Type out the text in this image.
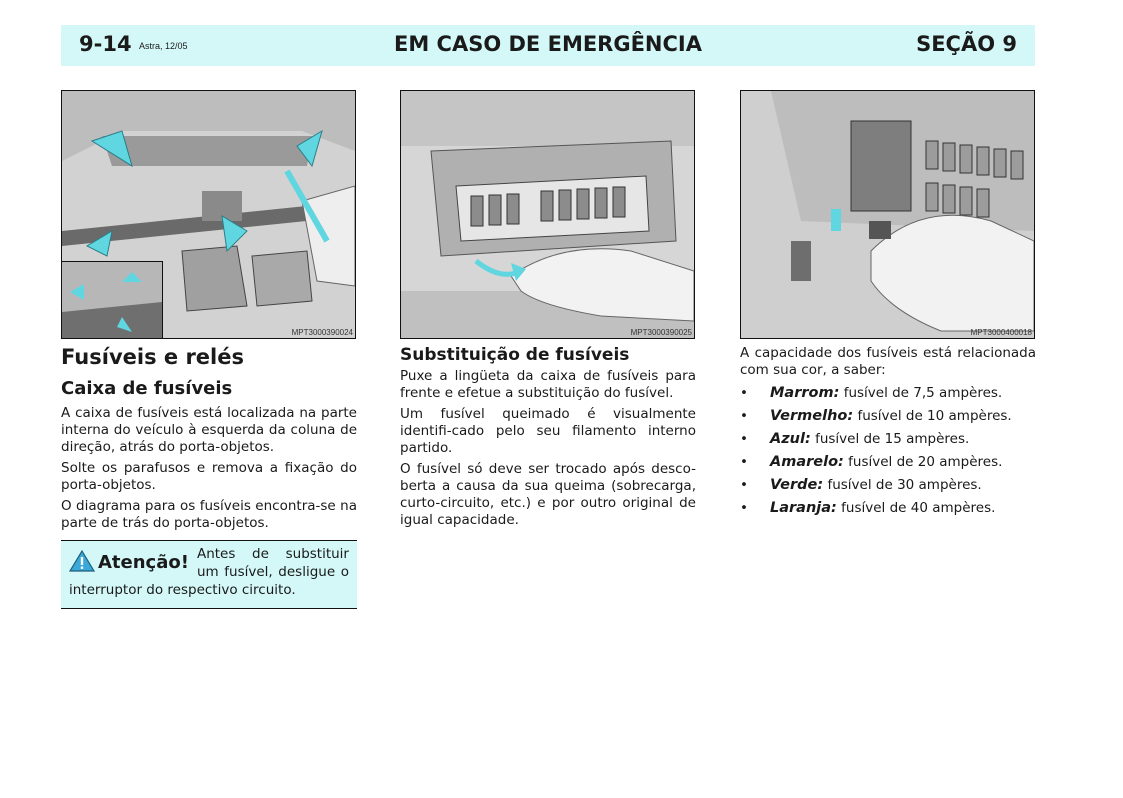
9-14 Astra, 12/05	EM CASO DE EMERGÊNCIA	SEÇÃO 9
MPT3000390024	MPT3000390025	MPT3000400018
Fusíveis e relés
Caixa de fusíveis

A caixa de fusíveis está localizada na parte interna do veículo à esquerda da coluna de direção, atrás do porta-objetos.

Solte os parafusos e remova a fixação do porta-objetos.

O diagrama para os fusíveis encontra-se na parte de trás do porta-objetos.

Atenção! Antes de substituir um fusível, desligue o interruptor do respectivo circuito.
Substituição de fusíveis

Puxe a lingüeta da caixa de fusíveis para frente e efetue a substituição do fusível.

Um fusível queimado é visualmente identifi-cado pelo seu filamento interno partido.

O fusível só deve ser trocado após desco-berta a causa da sua queima (sobrecarga, curto-circuito, etc.) e por outro original de igual capacidade.

A capacidade dos fusíveis está relacionada com sua cor, a saber:

• Marrom: fusível de 7,5 ampères.
• Vermelho: fusível de 10 ampères.
• Azul: fusível de 15 ampères.
• Amarelo: fusível de 20 ampères.
• Verde: fusível de 30 ampères.
• Laranja: fusível de 40 ampères.
